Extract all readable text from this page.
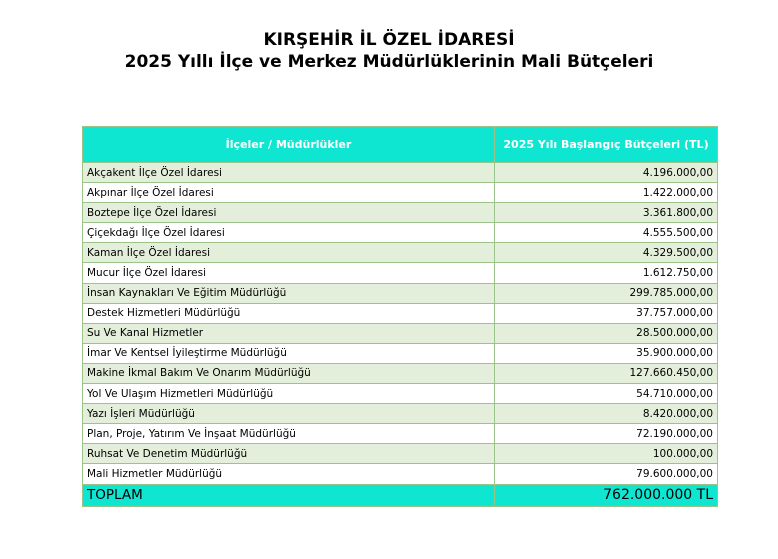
KIRŞEHİR İL ÖZEL İDARESİ
2025 Yıllı İlçe ve Merkez Müdürlüklerinin Mali Bütçeleri
İlçeler / Müdürlükler	2025 Yılı Başlangıç Bütçeleri (TL)
Akçakent İlçe Özel İdaresi	4.196.000,00
Akpınar İlçe Özel İdaresi	1.422.000,00
Boztepe İlçe Özel İdaresi	3.361.800,00
Çiçekdağı İlçe Özel İdaresi	4.555.500,00
Kaman İlçe Özel İdaresi	4.329.500,00
Mucur İlçe Özel İdaresi	1.612.750,00
İnsan Kaynakları Ve Eğitim Müdürlüğü	299.785.000,00
Destek Hizmetleri Müdürlüğü	37.757.000,00
Su Ve Kanal Hizmetler	28.500.000,00
İmar Ve Kentsel İyileştirme Müdürlüğü	35.900.000,00
Makine İkmal Bakım Ve Onarım Müdürlüğü	127.660.450,00
Yol Ve Ulaşım Hizmetleri Müdürlüğü	54.710.000,00
Yazı İşleri Müdürlüğü	8.420.000,00
Plan, Proje, Yatırım Ve İnşaat Müdürlüğü	72.190.000,00
Ruhsat Ve Denetim Müdürlüğü	100.000,00
Mali Hizmetler Müdürlüğü	79.600.000,00
TOPLAM	762.000.000 TL
